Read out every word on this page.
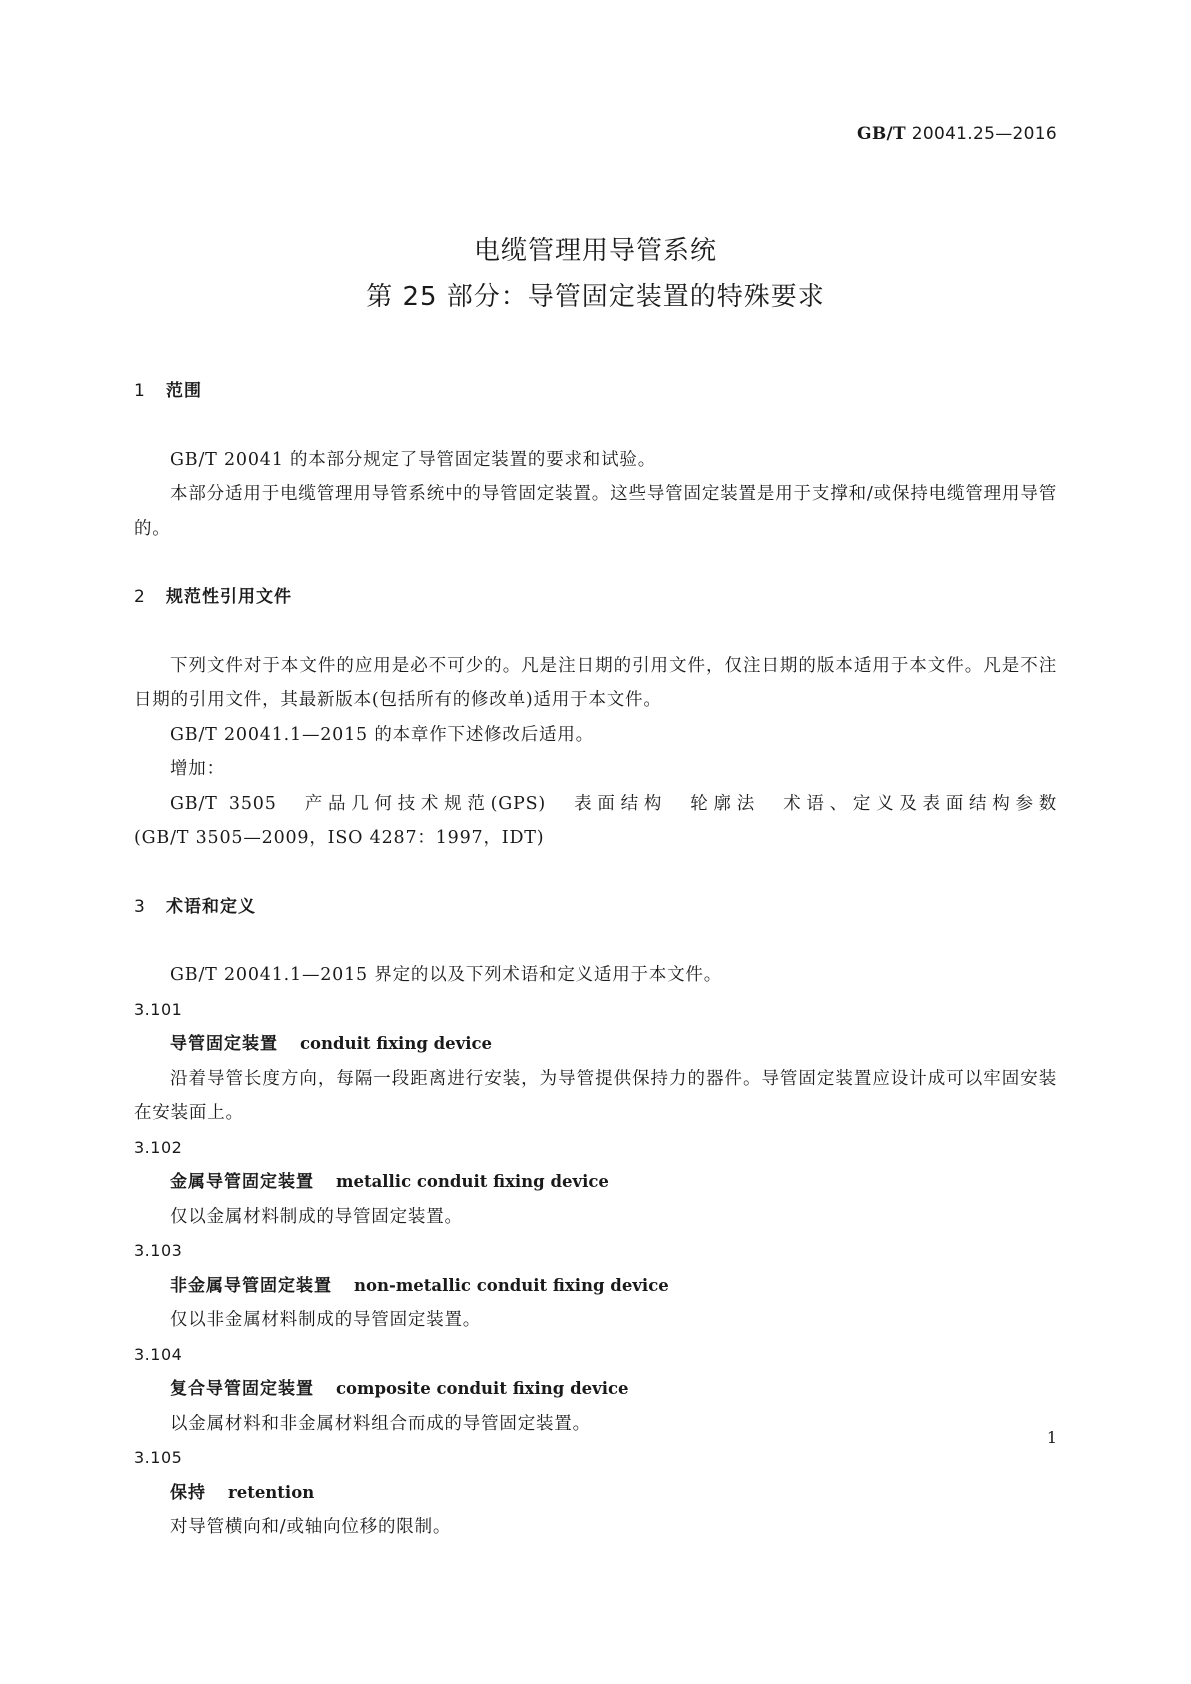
GB/T 20041.25—2016
电缆管理用导管系统
第 25 部分：导管固定装置的特殊要求

1 范围

GB/T 20041 的本部分规定了导管固定装置的要求和试验。

本部分适用于电缆管理用导管系统中的导管固定装置。这些导管固定装置是用于支撑和/或保持电缆管理用导管的。

2 规范性引用文件

下列文件对于本文件的应用是必不可少的。凡是注日期的引用文件，仅注日期的版本适用于本文件。凡是不注日期的引用文件，其最新版本(包括所有的修改单)适用于本文件。

GB/T 20041.1—2015 的本章作下述修改后适用。

增加：

GB/T 3505　产品几何技术规范(GPS)　表面结构　轮廓法　术语、定义及表面结构参数

(GB/T 3505—2009，ISO 4287：1997，IDT)

3 术语和定义

GB/T 20041.1—2015 界定的以及下列术语和定义适用于本文件。

3.101

导管固定装置 conduit fixing device

沿着导管长度方向，每隔一段距离进行安装，为导管提供保持力的器件。导管固定装置应设计成可以牢固安装在安装面上。

3.102

金属导管固定装置 metallic conduit fixing device

仅以金属材料制成的导管固定装置。

3.103

非金属导管固定装置 non-metallic conduit fixing device

仅以非金属材料制成的导管固定装置。

3.104

复合导管固定装置 composite conduit fixing device

以金属材料和非金属材料组合而成的导管固定装置。

3.105

保持 retention

对导管横向和/或轴向位移的限制。

1
